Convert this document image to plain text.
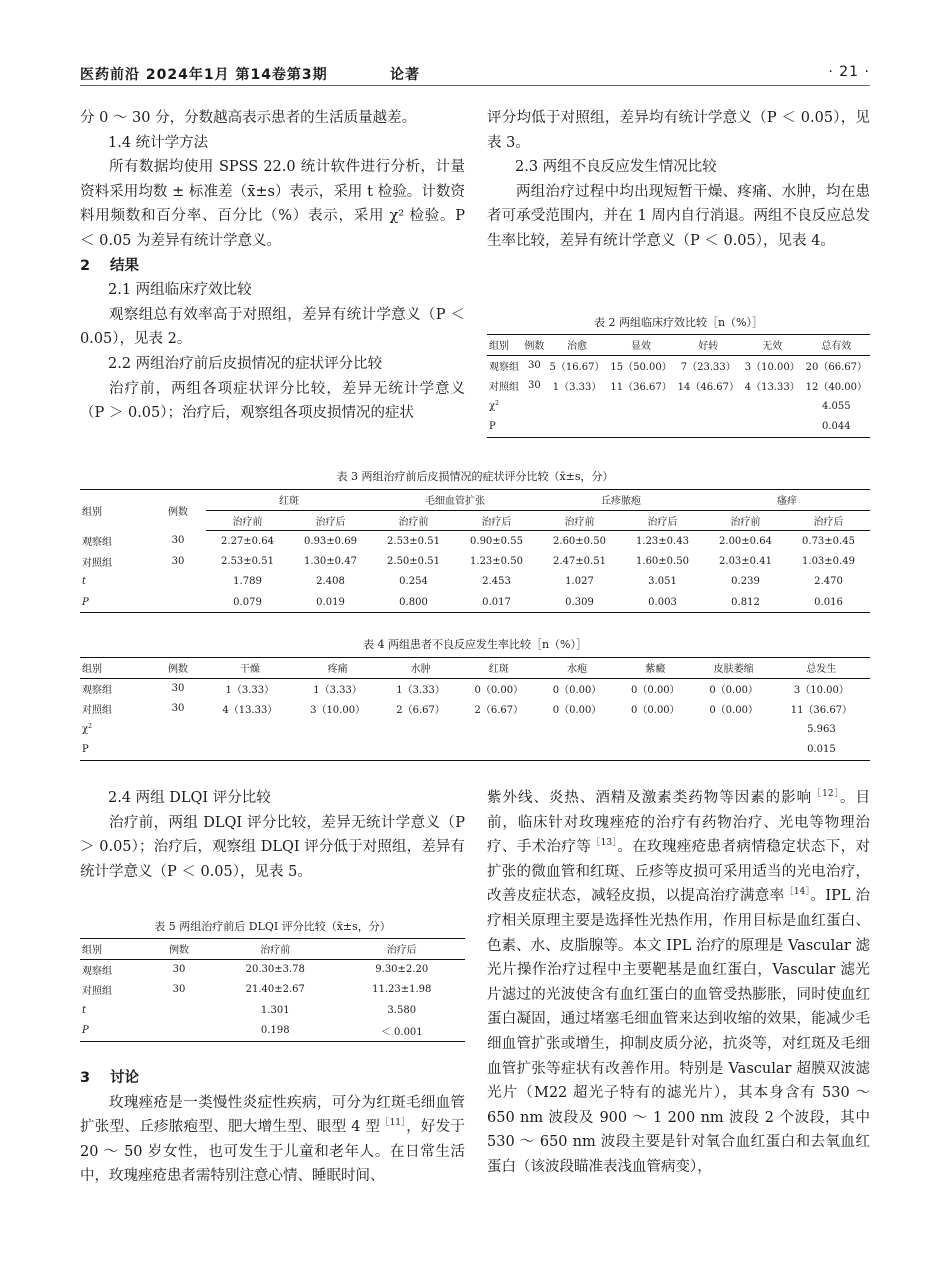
医药前沿 2024年1月 第14卷第3期	论著	· 21 ·

分 0 ～ 30 分，分数越高表示患者的生活质量越差。

1.4 统计学方法

所有数据均使用 SPSS 22.0 统计软件进行分析，计量资料采用均数 ± 标准差（x̄±s）表示，采用 t 检验。计数资料用频数和百分率、百分比（%）表示，采用 χ² 检验。P ＜ 0.05 为差异有统计学意义。

2 结果

2.1 两组临床疗效比较

观察组总有效率高于对照组，差异有统计学意义（P ＜ 0.05），见表 2。

2.2 两组治疗前后皮损情况的症状评分比较

治疗前，两组各项症状评分比较，差异无统计学意义（P ＞ 0.05）；治疗后，观察组各项皮损情况的症状

评分均低于对照组，差异均有统计学意义（P ＜ 0.05），见表 3。

2.3 两组不良反应发生情况比较

两组治疗过程中均出现短暂干燥、疼痛、水肿，均在患者可承受范围内，并在 1 周内自行消退。两组不良反应总发生率比较，差异有统计学意义（P ＜ 0.05），见表 4。

表 2 两组临床疗效比较［n（%）］
组别	例数	治愈	显效	好转	无效	总有效
观察组	30	5（16.67）	15（50.00）	7（23.33）	3（10.00）	20（66.67）
对照组	30	1（3.33）	11（36.67）	14（46.67）	4（13.33）	12（40.00）
$\chi^2$						4.055
P						0.044
表 3 两组治疗前后皮损情况的症状评分比较（x̄±s，分）
组别	例数	红斑		毛细血管扩张		丘疹脓疱		瘙痒	
		治疗前	治疗后	治疗前	治疗后	治疗前	治疗后	治疗前	治疗后
观察组	30	2.27±0.64	0.93±0.69	2.53±0.51	0.90±0.55	2.60±0.50	1.23±0.43	2.00±0.64	0.73±0.45
对照组	30	2.53±0.51	1.30±0.47	2.50±0.51	1.23±0.50	2.47±0.51	1.60±0.50	2.03±0.41	1.03±0.49
t		1.789	2.408	0.254	2.453	1.027	3.051	0.239	2.470
P		0.079	0.019	0.800	0.017	0.309	0.003	0.812	0.016
表 4 两组患者不良反应发生率比较［n（%）］
组别	例数	干燥	疼痛	水肿	红斑	水疱	紫癜	皮肤萎缩	总发生
观察组	30	1（3.33）	1（3.33）	1（3.33）	0（0.00）	0（0.00）	0（0.00）	0（0.00）	3（10.00）
对照组	30	4（13.33）	3（10.00）	2（6.67）	2（6.67）	0（0.00）	0（0.00）	0（0.00）	11（36.67）
$\chi^2$									5.963
P									0.015

2.4 两组 DLQI 评分比较

治疗前，两组 DLQI 评分比较，差异无统计学意义（P ＞ 0.05）；治疗后，观察组 DLQI 评分低于对照组，差异有统计学意义（P ＜ 0.05），见表 5。

表 5 两组治疗前后 DLQI 评分比较（x̄±s，分）
组别	例数	治疗前	治疗后
观察组	30	20.30±3.78	9.30±2.20
对照组	30	21.40±2.67	11.23±1.98
t		1.301	3.580
P		0.198	＜ 0.001

3 讨论

玫瑰痤疮是一类慢性炎症性疾病，可分为红斑毛细血管扩张型、丘疹脓疱型、肥大增生型、眼型 4 型$^{[11]}$，好发于 20 ～ 50 岁女性，也可发生于儿童和老年人。在日常生活中，玫瑰痤疮患者需特别注意心情、睡眠时间、

紫外线、炎热、酒精及激素类药物等因素的影响$^{[12]}$。目前，临床针对玫瑰痤疮的治疗有药物治疗、光电等物理治疗、手术治疗等$^{[13]}$。在玫瑰痤疮患者病情稳定状态下，对扩张的微血管和红斑、丘疹等皮损可采用适当的光电治疗，改善皮症状态，减轻皮损，以提高治疗满意率$^{[14]}$。IPL 治疗相关原理主要是选择性光热作用，作用目标是血红蛋白、色素、水、皮脂腺等。本文 IPL 治疗的原理是 Vascular 滤光片操作治疗过程中主要靶基是血红蛋白，Vascular 滤光片滤过的光波使含有血红蛋白的血管受热膨胀，同时使血红蛋白凝固，通过堵塞毛细血管来达到收缩的效果，能减少毛细血管扩张或增生，抑制皮质分泌，抗炎等，对红斑及毛细血管扩张等症状有改善作用。特别是 Vascular 超膜双波滤光片（M22 超光子特有的滤光片），其本身含有 530 ～ 650 nm 波段及 900 ～ 1 200 nm 波段 2 个波段，其中 530 ～ 650 nm 波段主要是针对氧合血红蛋白和去氧血红蛋白（该波段瞄准表浅血管病变），
